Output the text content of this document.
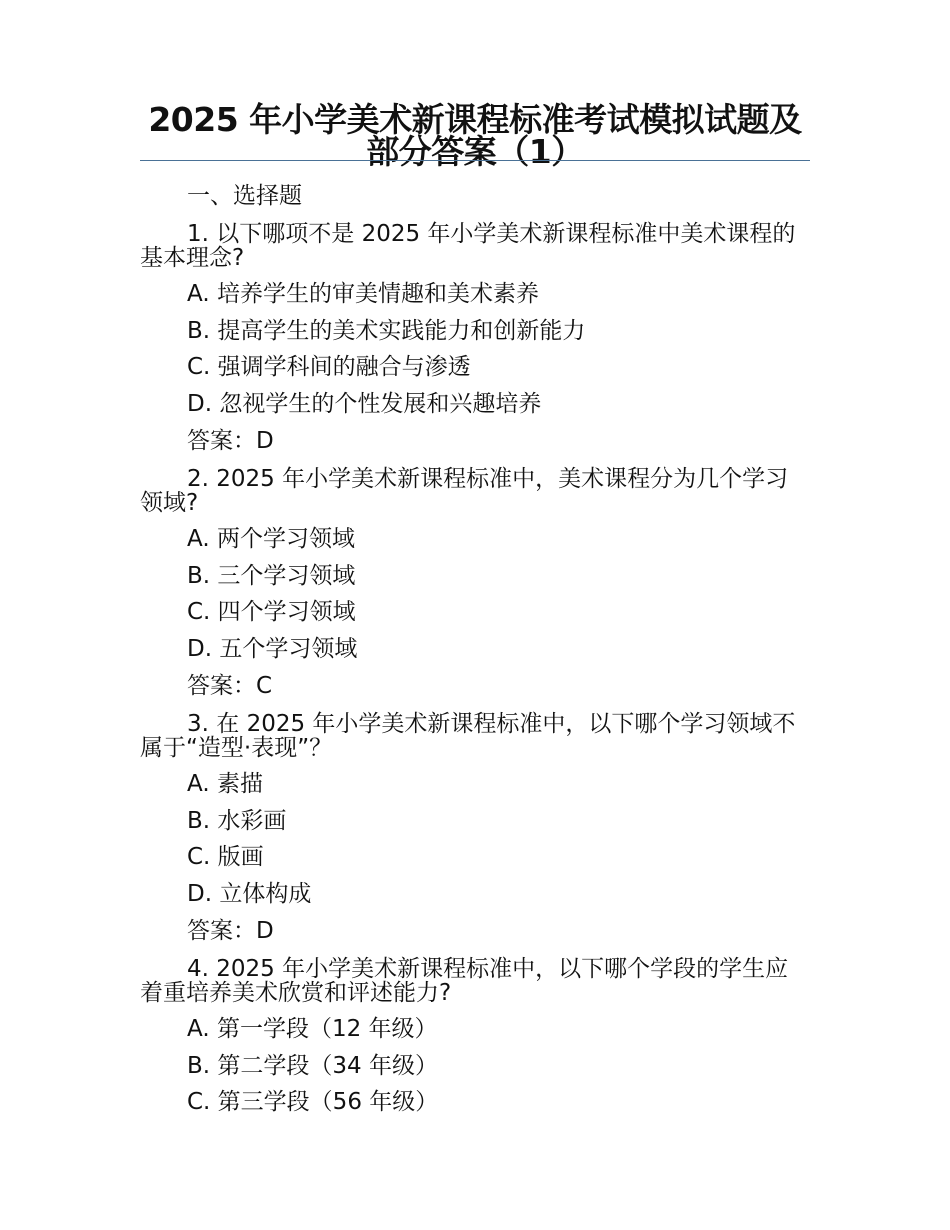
2025 年小学美术新课程标准考试模拟试题及部分答案（1）
一、选择题
1. 以下哪项不是 2025 年小学美术新课程标准中美术课程的基本理念?
A. 培养学生的审美情趣和美术素养
B. 提高学生的美术实践能力和创新能力
C. 强调学科间的融合与渗透
D. 忽视学生的个性发展和兴趣培养
答案：D
2. 2025 年小学美术新课程标准中，美术课程分为几个学习领域?
A. 两个学习领域
B. 三个学习领域
C. 四个学习领域
D. 五个学习领域
答案：C
3. 在 2025 年小学美术新课程标准中，以下哪个学习领域不属于“造型·表现”？
A. 素描
B. 水彩画
C. 版画
D. 立体构成
答案：D
4. 2025 年小学美术新课程标准中，以下哪个学段的学生应着重培养美术欣赏和评述能力?
A. 第一学段（12 年级）
B. 第二学段（34 年级）
C. 第三学段（56 年级）
